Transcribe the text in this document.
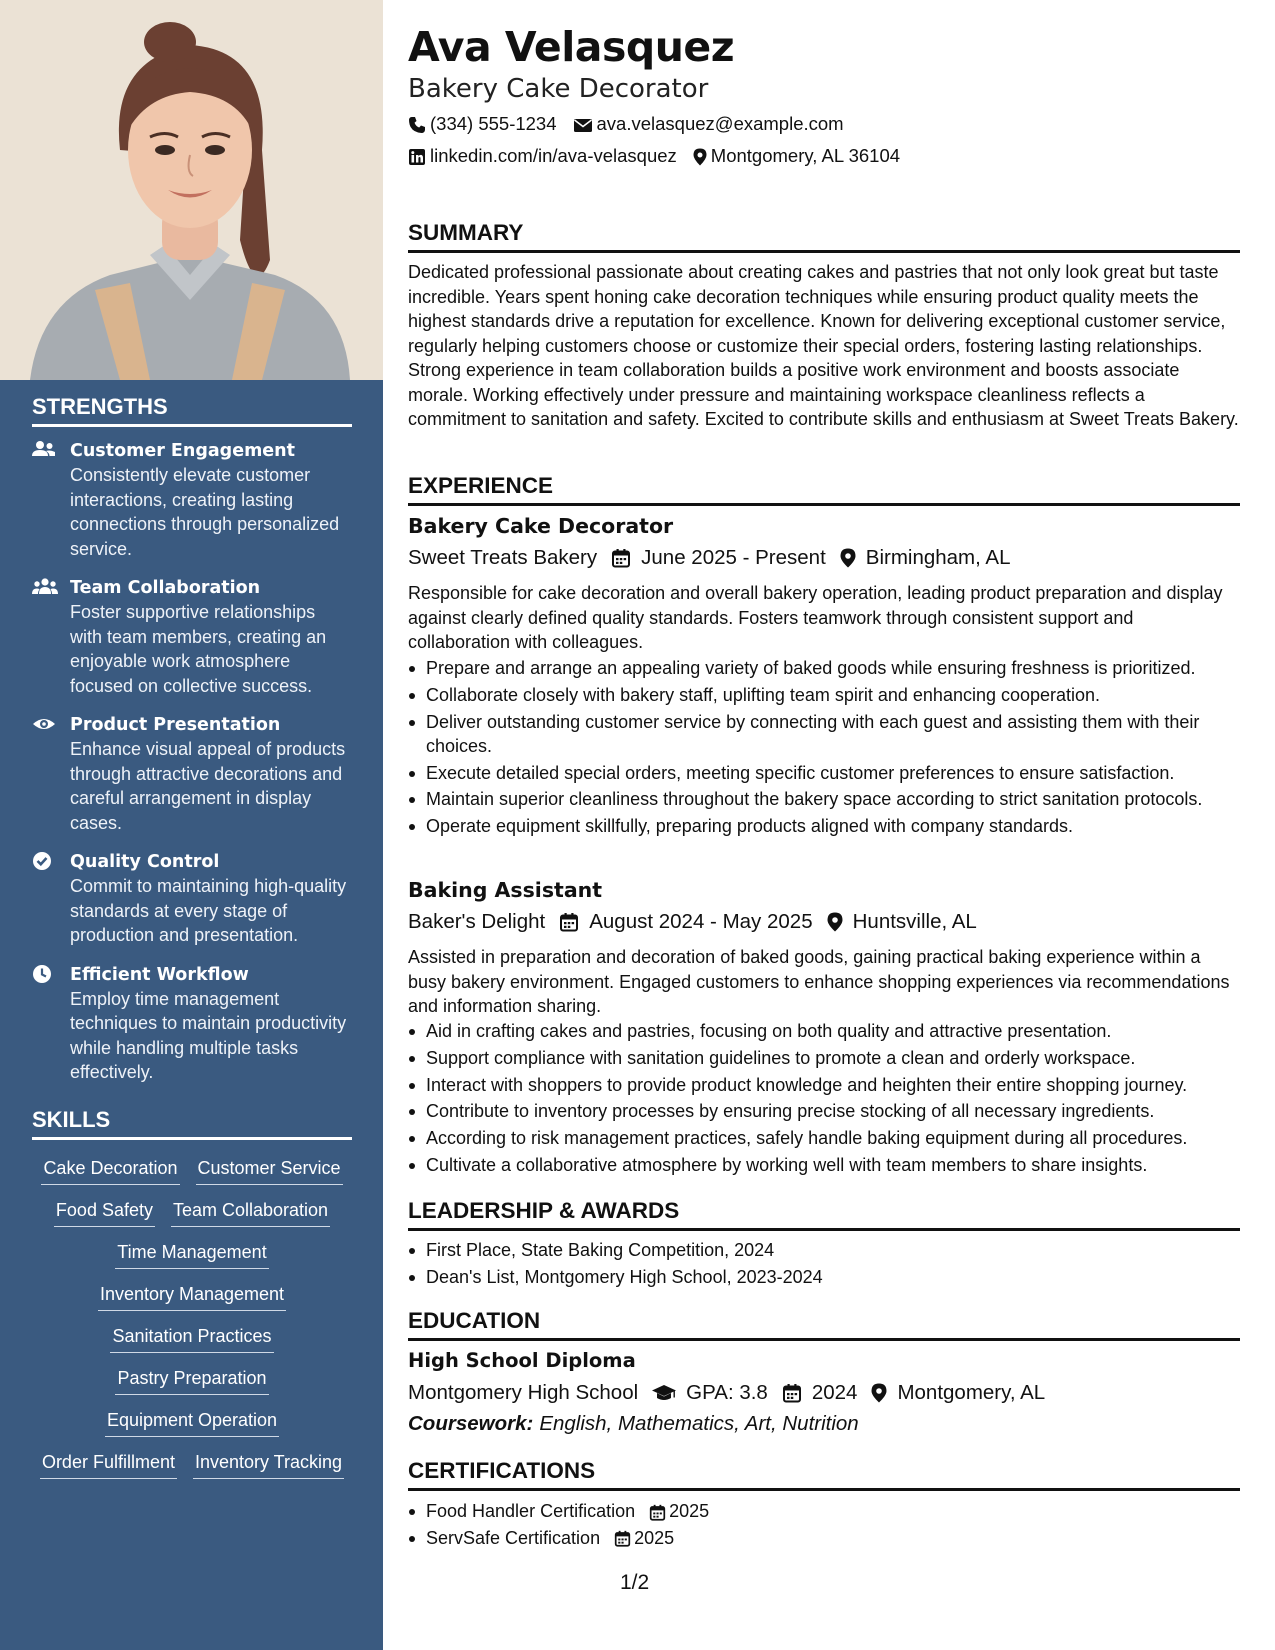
STRENGTHS
Customer Engagement
Consistently elevate customer interactions, creating lasting connections through personalized service.
Team Collaboration
Foster supportive relationships with team members, creating an enjoyable work atmosphere focused on collective success.
Product Presentation
Enhance visual appeal of products through attractive decorations and careful arrangement in display cases.
Quality Control
Commit to maintaining high-quality standards at every stage of production and presentation.
Efficient Workflow
Employ time management techniques to maintain productivity while handling multiple tasks effectively.
SKILLS
Cake Decoration Customer Service
Food Safety Team Collaboration
Time Management
Inventory Management
Sanitation Practices
Pastry Preparation
Equipment Operation
Order Fulfillment Inventory Tracking
Ava Velasquez
Bakery Cake Decorator
(334) 555-1234 ava.velasquez@example.com
linkedin.com/in/ava-velasquez Montgomery, AL 36104
SUMMARY
Dedicated professional passionate about creating cakes and pastries that not only look great but taste incredible. Years spent honing cake decoration techniques while ensuring product quality meets the highest standards drive a reputation for excellence. Known for delivering exceptional customer service, regularly helping customers choose or customize their special orders, fostering lasting relationships. Strong experience in team collaboration builds a positive work environment and boosts associate morale. Working effectively under pressure and maintaining workspace cleanliness reflects a commitment to sanitation and safety. Excited to contribute skills and enthusiasm at Sweet Treats Bakery.
EXPERIENCE
Bakery Cake Decorator
Sweet Treats Bakery June 2025 - Present Birmingham, AL
Responsible for cake decoration and overall bakery operation, leading product preparation and display against clearly defined quality standards. Fosters teamwork through consistent support and collaboration with colleagues.
Prepare and arrange an appealing variety of baked goods while ensuring freshness is prioritized.
Collaborate closely with bakery staff, uplifting team spirit and enhancing cooperation.
Deliver outstanding customer service by connecting with each guest and assisting them with their choices.
Execute detailed special orders, meeting specific customer preferences to ensure satisfaction.
Maintain superior cleanliness throughout the bakery space according to strict sanitation protocols.
Operate equipment skillfully, preparing products aligned with company standards.
Baking Assistant
Baker's Delight August 2024 - May 2025 Huntsville, AL
Assisted in preparation and decoration of baked goods, gaining practical baking experience within a busy bakery environment. Engaged customers to enhance shopping experiences via recommendations and information sharing.
Aid in crafting cakes and pastries, focusing on both quality and attractive presentation.
Support compliance with sanitation guidelines to promote a clean and orderly workspace.
Interact with shoppers to provide product knowledge and heighten their entire shopping journey.
Contribute to inventory processes by ensuring precise stocking of all necessary ingredients.
According to risk management practices, safely handle baking equipment during all procedures.
Cultivate a collaborative atmosphere by working well with team members to share insights.
LEADERSHIP & AWARDS
First Place, State Baking Competition, 2024
Dean's List, Montgomery High School, 2023-2024
EDUCATION
High School Diploma
Montgomery High School GPA: 3.8 2024 Montgomery, AL
Coursework: English, Mathematics, Art, Nutrition
CERTIFICATIONS
Food Handler Certification 2025
ServSafe Certification 2025
1/2
